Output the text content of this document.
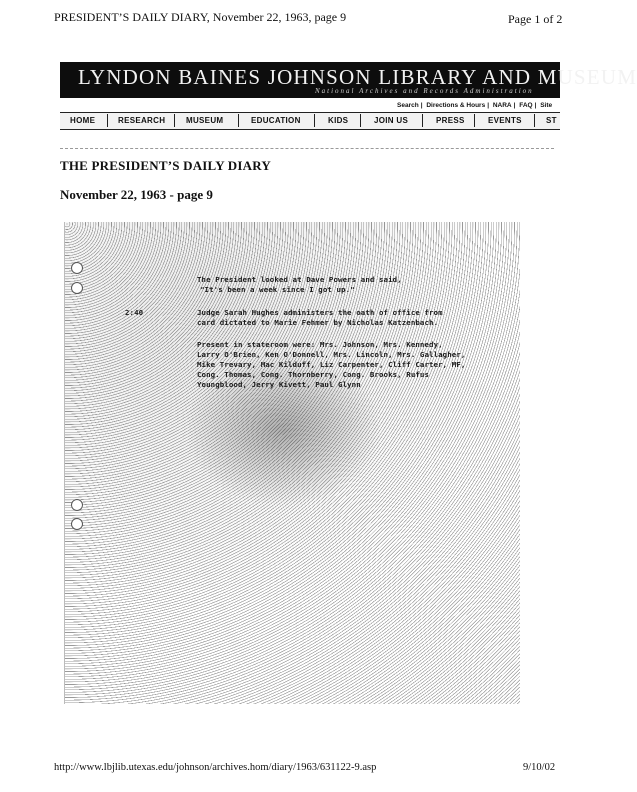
PRESIDENT’S DAILY DIARY, November 22, 1963, page 9	Page 1 of 2
LYNDON BAINES JOHNSON LIBRARY AND MUSEUM
National Archives and Records Administration
Search | Directions & Hours | NARA | FAQ | Site
HOME	RESEARCH	MUSEUM	EDUCATION	KIDS	JOIN US	PRESS	EVENTS	ST
THE PRESIDENT’S DAILY DIARY
November 22, 1963 - page 9
The President looked at Dave Powers and said,
"It's been a week since I got up."
2:40	Judge Sarah Hughes administers the oath of office from
card dictated to Marie Fehmer by Nicholas Katzenbach.
Present in stateroom were: Mrs. Johnson, Mrs. Kennedy,
Larry O'Brien, Ken O'Donnell, Mrs. Lincoln, Mrs. Gallagher,
Mike Trevary, Mac Kilduff, Liz Carpenter, Cliff Carter, MF,
Cong. Thomas, Cong. Thornberry, Cong. Brooks, Rufus
Youngblood, Jerry Kivett, Paul Glynn
http://www.lbjlib.utexas.edu/johnson/archives.hom/diary/1963/631122-9.asp	9/10/02
